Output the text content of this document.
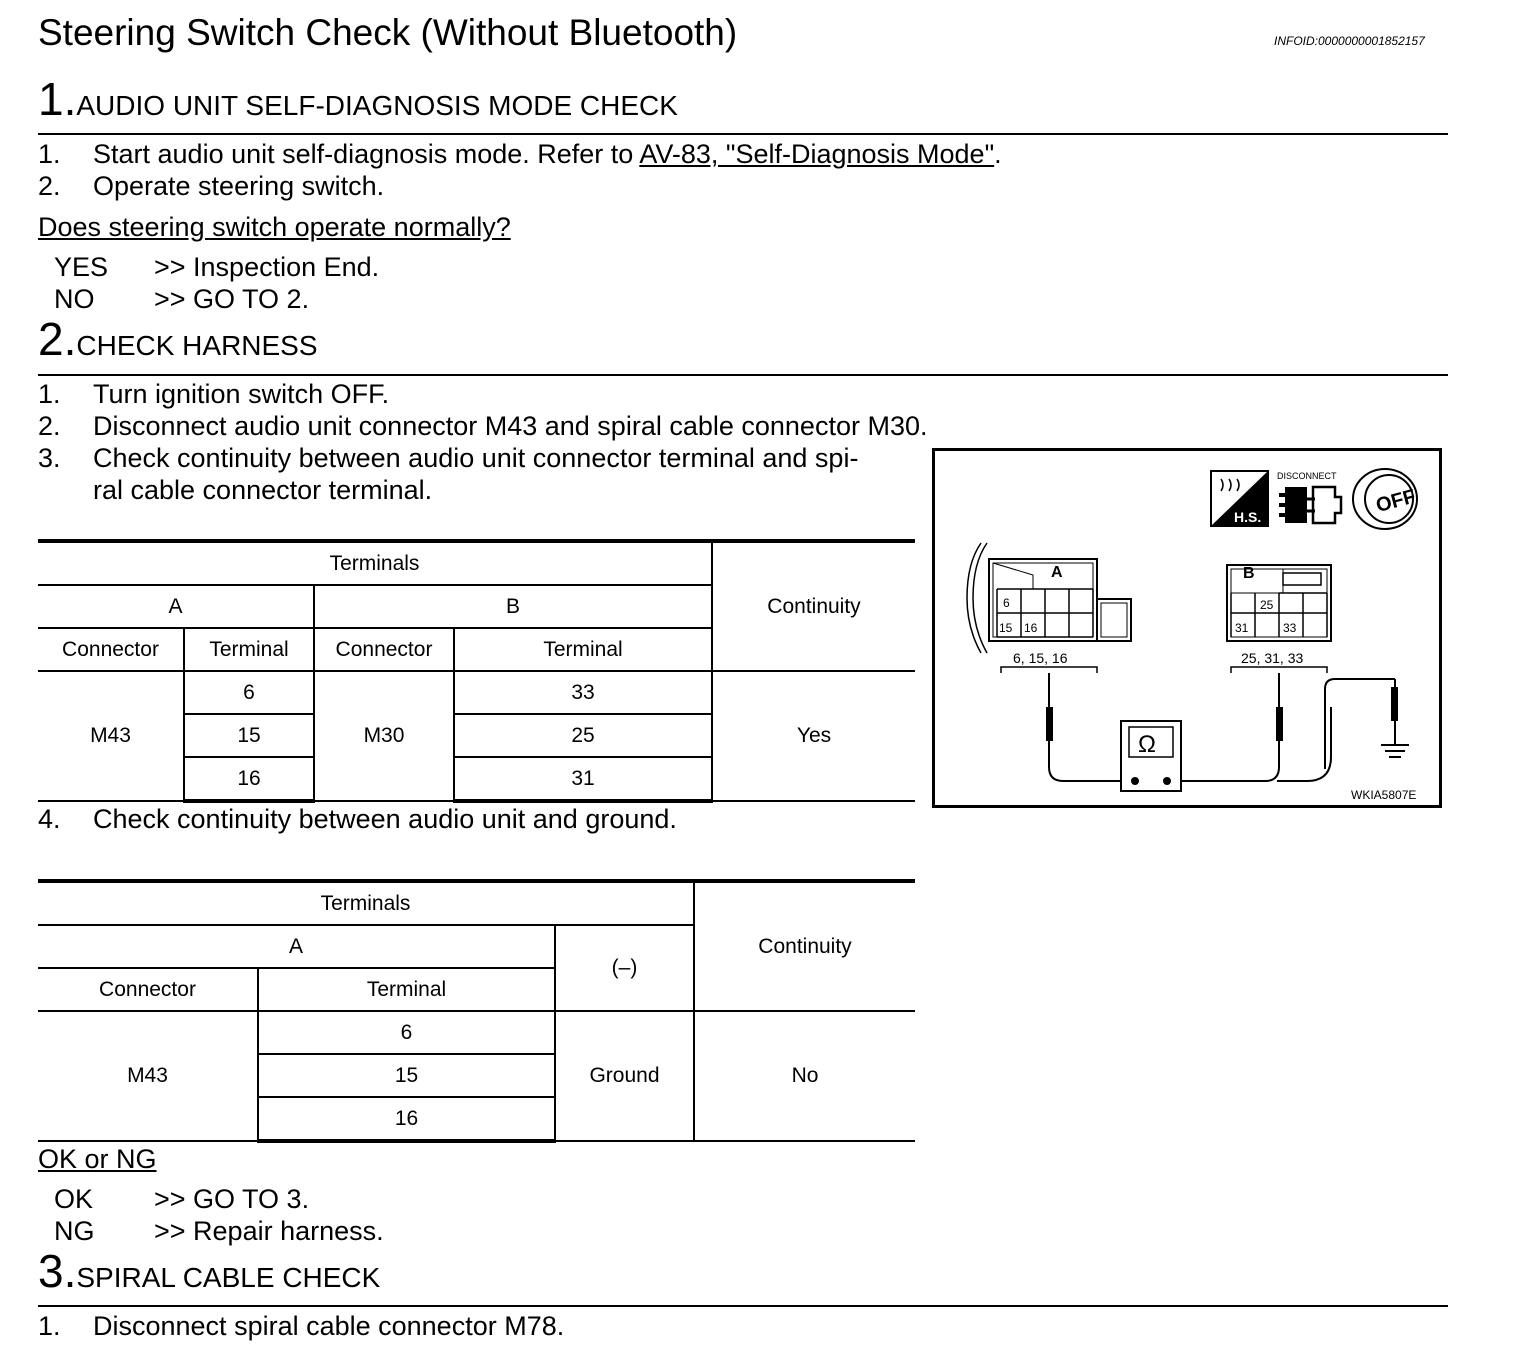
Steering Switch Check (Without Bluetooth)	INFOID:0000000001852157
1.AUDIO UNIT SELF-DIAGNOSIS MODE CHECK
1. Start audio unit self-diagnosis mode. Refer to AV-83, "Self-Diagnosis Mode".
2. Operate steering switch.
Does steering switch operate normally?
YES >> Inspection End.
NO >> GO TO 2.
2.CHECK HARNESS
1. Turn ignition switch OFF.
2. Disconnect audio unit connector M43 and spiral cable connector M30.
3. Check continuity between audio unit connector terminal and spi-
ral cable connector terminal.
Terminals				Continuity
A		B		
Connector	Terminal	Connector	Terminal	
M43	6	M30	33	Yes
	15		25	
	16		31	
4. Check continuity between audio unit and ground.
Terminals			Continuity
A		(–)	
Connector	Terminal		
M43	6	Ground	No
	15		
	16		
OK or NG
OK >> GO TO 3.
NG >> Repair harness.
H.S.
DISCONNECT
OFF
A
6
15 16
6, 15, 16
B
25
31	33
25, 31, 33
Ω
WKIA5807E
3.SPIRAL CABLE CHECK
1. Disconnect spiral cable connector M78.
